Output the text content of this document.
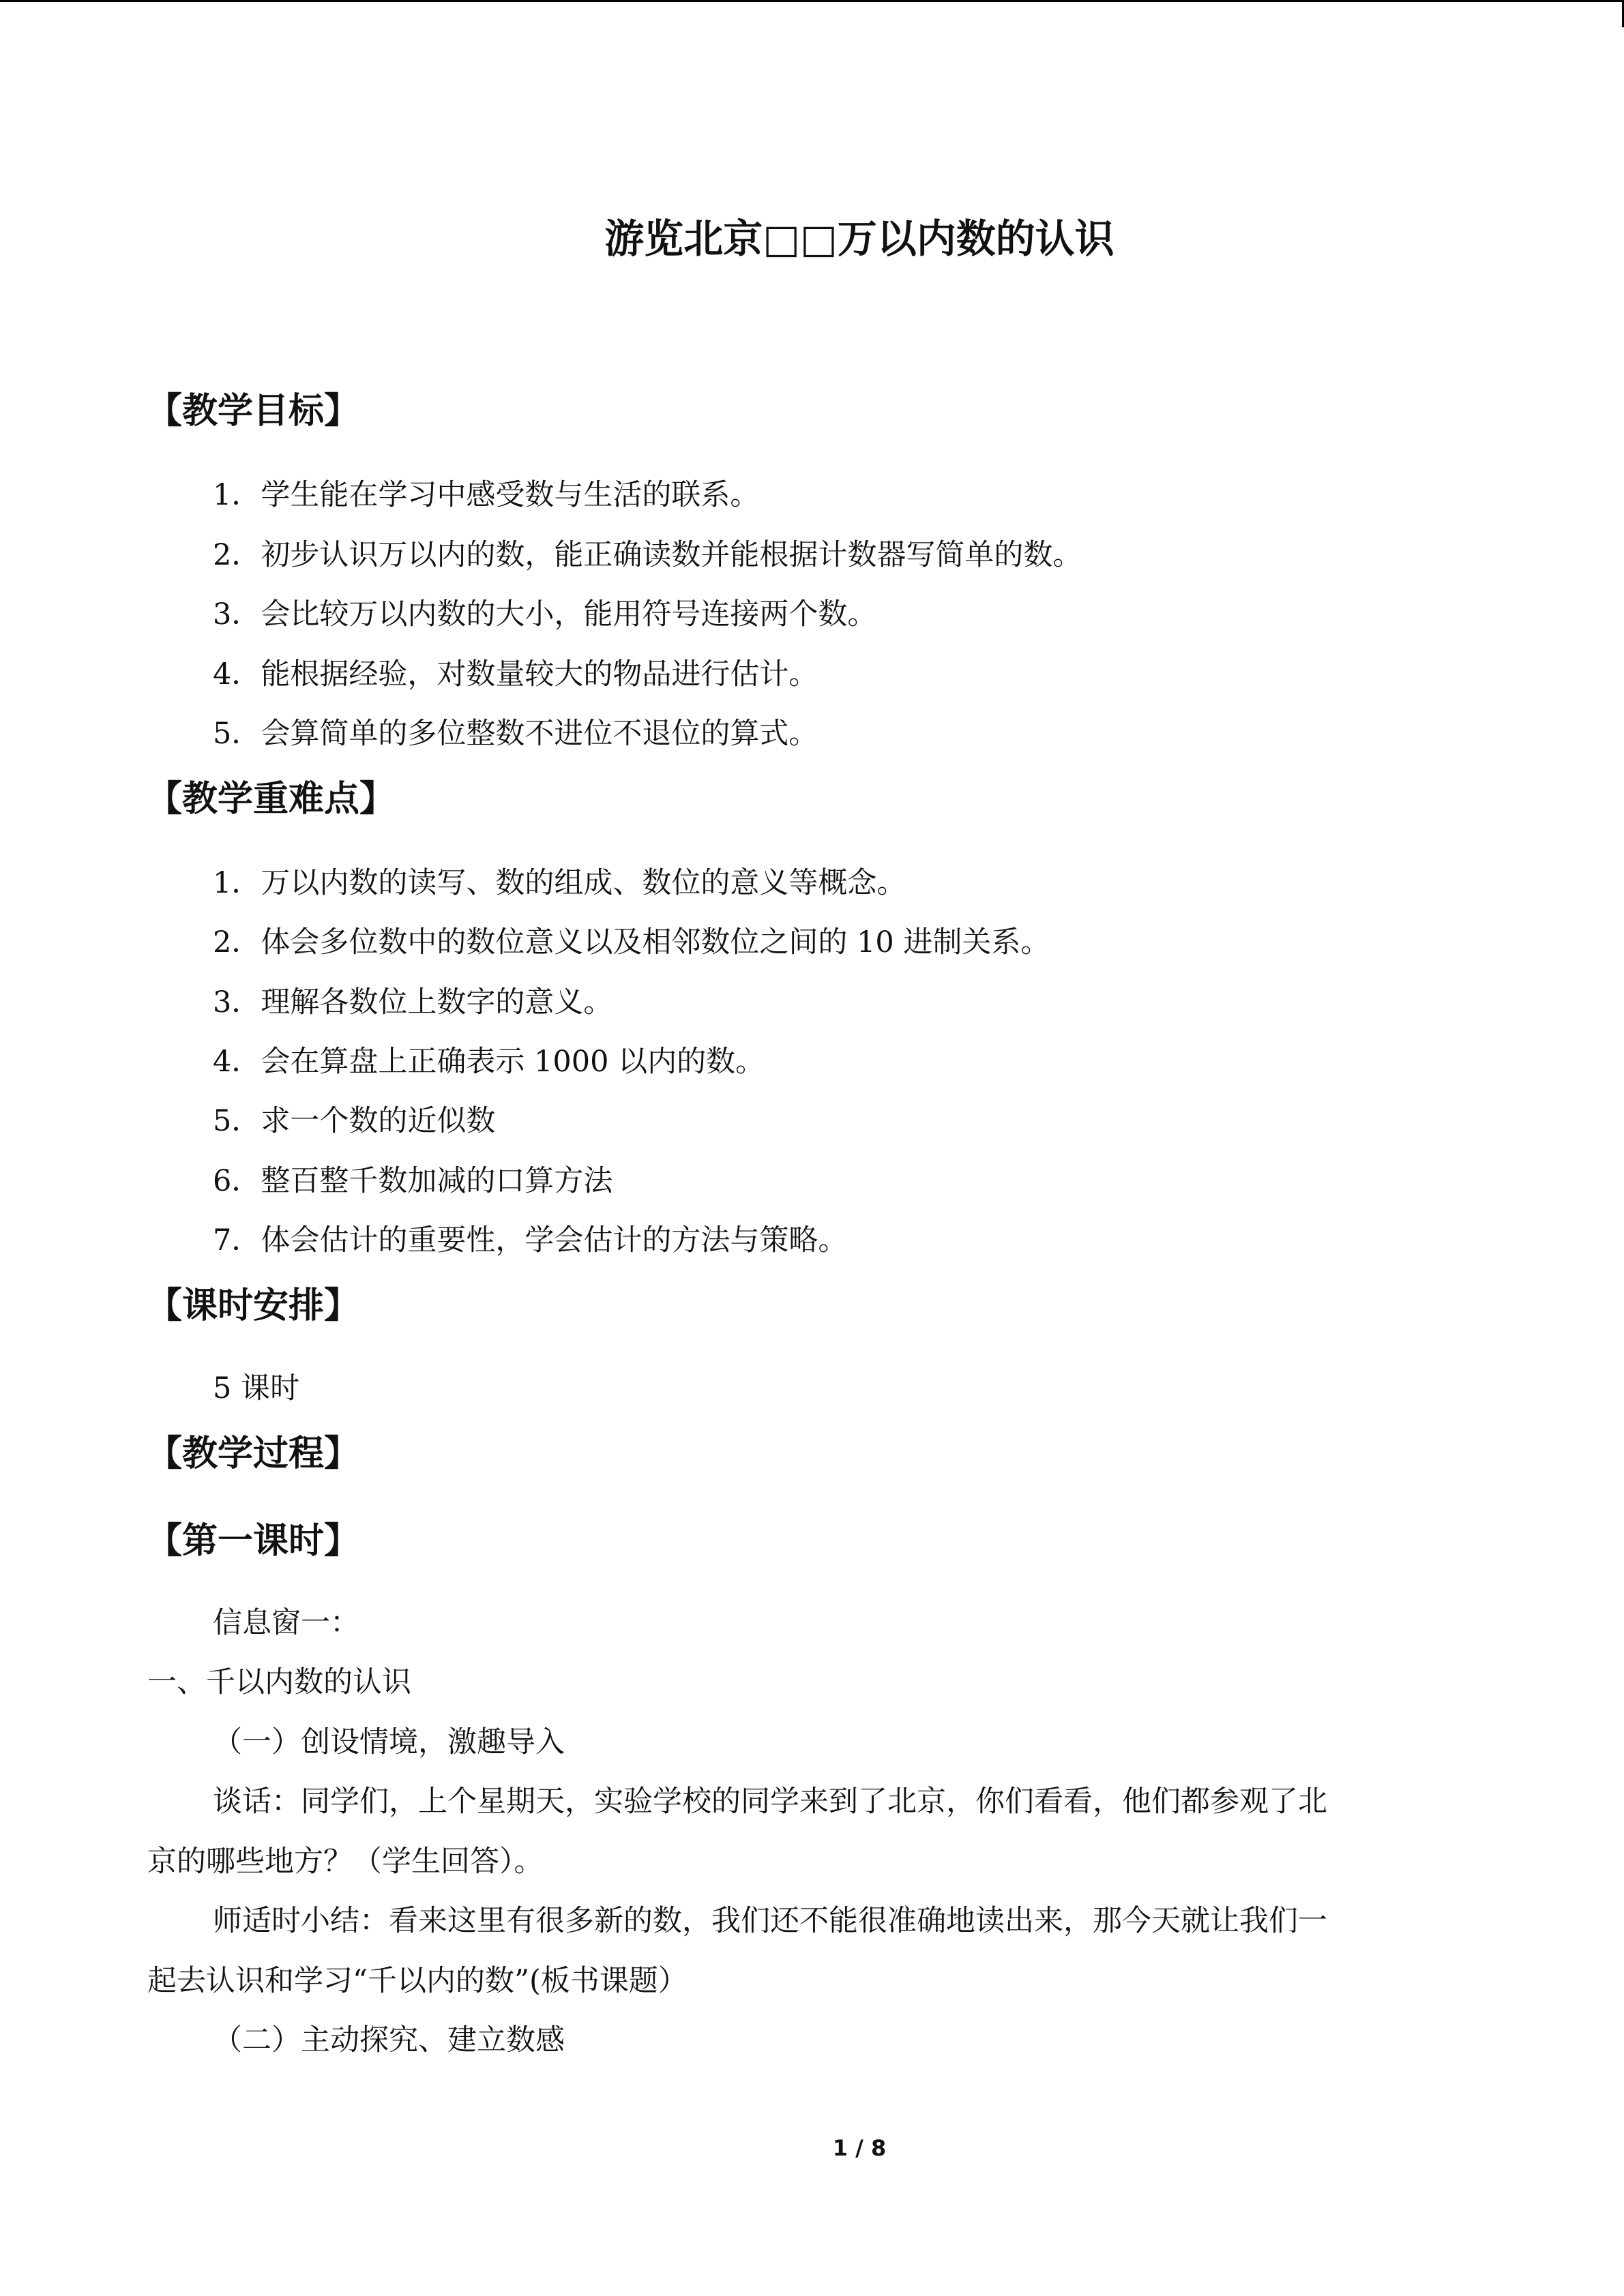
游览北京□□万以内数的认识
【教学目标】
1．学生能在学习中感受数与生活的联系。
2．初步认识万以内的数，能正确读数并能根据计数器写简单的数。
3．会比较万以内数的大小，能用符号连接两个数。
4．能根据经验，对数量较大的物品进行估计。
5．会算简单的多位整数不进位不退位的算式。
【教学重难点】
1．万以内数的读写、数的组成、数位的意义等概念。
2．体会多位数中的数位意义以及相邻数位之间的 10 进制关系。
3．理解各数位上数字的意义。
4．会在算盘上正确表示 1000 以内的数。
5．求一个数的近似数
6．整百整千数加减的口算方法
7．体会估计的重要性，学会估计的方法与策略。
【课时安排】
5 课时
【教学过程】
【第一课时】
信息窗一：
一、千以内数的认识
（一）创设情境，激趣导入
谈话：同学们，上个星期天，实验学校的同学来到了北京，你们看看，他们都参观了北
京的哪些地方？（学生回答）。
师适时小结：看来这里有很多新的数，我们还不能很准确地读出来，那今天就让我们一
起去认识和学习“千以内的数”(板书课题）
（二）主动探究、建立数感
1 / 8
